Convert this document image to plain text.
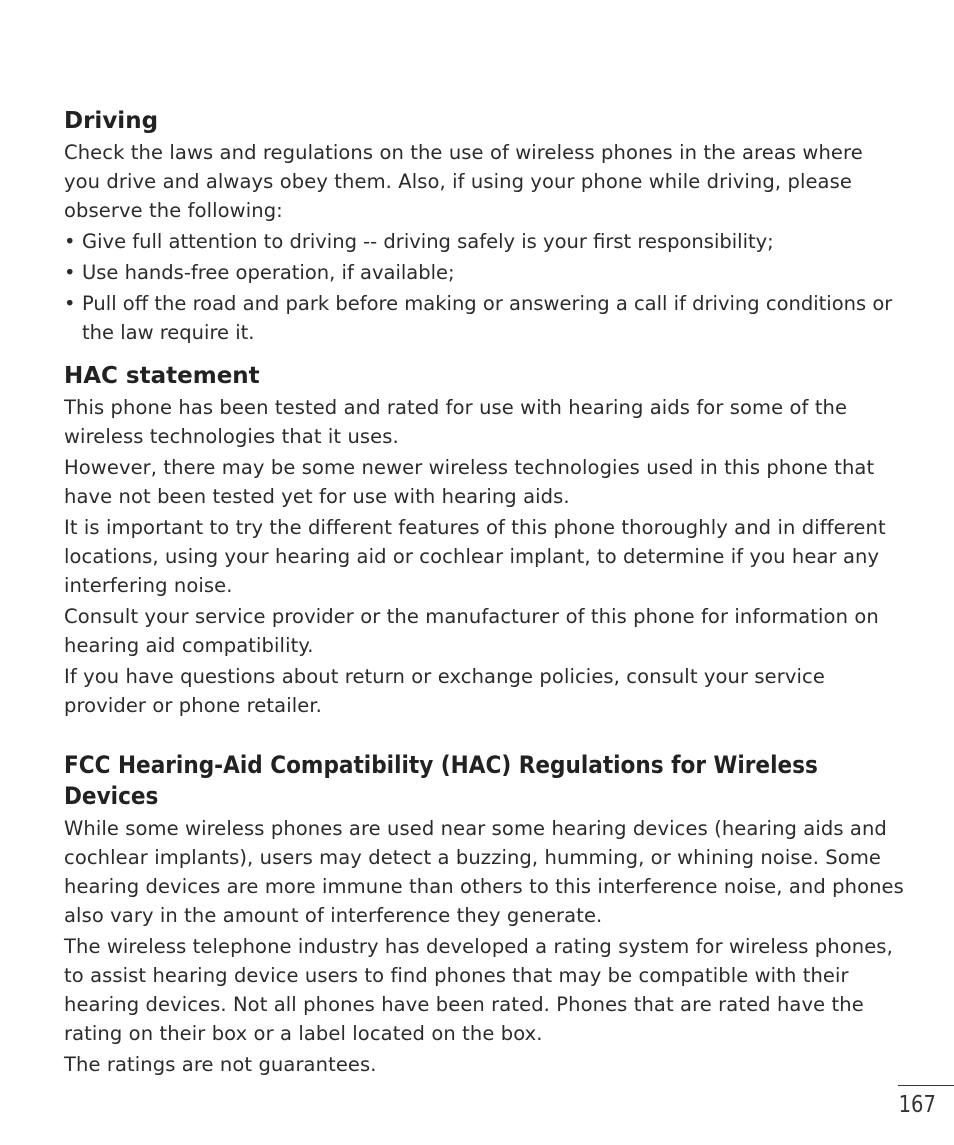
Driving

Check the laws and regulations on the use of wireless phones in the areas where you drive and always obey them. Also, if using your phone while driving, please observe the following:

• Give full attention to driving -- driving safely is your first responsibility;
• Use hands-free operation, if available;
• Pull off the road and park before making or answering a call if driving conditions or the law require it.
HAC statement

This phone has been tested and rated for use with hearing aids for some of the wireless technologies that it uses.

However, there may be some newer wireless technologies used in this phone that have not been tested yet for use with hearing aids.

It is important to try the different features of this phone thoroughly and in different locations, using your hearing aid or cochlear implant, to determine if you hear any interfering noise.

Consult your service provider or the manufacturer of this phone for information on hearing aid compatibility.

If you have questions about return or exchange policies, consult your service provider or phone retailer.

FCC Hearing-Aid Compatibility (HAC) Regulations for Wireless Devices

While some wireless phones are used near some hearing devices (hearing aids and cochlear implants), users may detect a buzzing, humming, or whining noise. Some hearing devices are more immune than others to this interference noise, and phones also vary in the amount of interference they generate.

The wireless telephone industry has developed a rating system for wireless phones, to assist hearing device users to find phones that may be compatible with their hearing devices. Not all phones have been rated. Phones that are rated have the rating on their box or a label located on the box.

The ratings are not guarantees.

167
